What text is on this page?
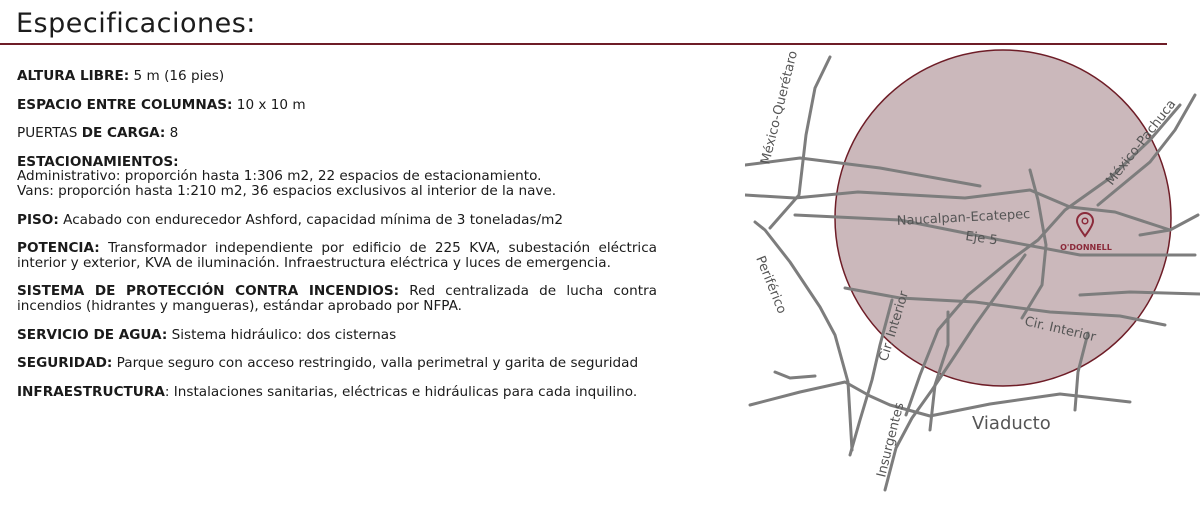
Especificaciones:
ALTURA LIBRE: 5 m (16 pies)
ESPACIO ENTRE COLUMNAS: 10 x 10 m
PUERTAS DE CARGA: 8
ESTACIONAMIENTOS:
Administrativo: proporción hasta 1:306 m2, 22 espacios de estacionamiento.
Vans: proporción hasta 1:210 m2, 36 espacios exclusivos al interior de la nave.
PISO: Acabado con endurecedor Ashford, capacidad mínima de 3 toneladas/m2
POTENCIA: Transformador independiente por edificio de 225 KVA, subestación eléctrica interior y exterior, KVA de iluminación. Infraestructura eléctrica y luces de emergencia.
SISTEMA DE PROTECCIÓN CONTRA INCENDIOS: Red centralizada de lucha contra incendios (hidrantes y mangueras), estándar aprobado por NFPA.
SERVICIO DE AGUA: Sistema hidráulico: dos cisternas
SEGURIDAD: Parque seguro con acceso restringido, valla perimetral y garita de seguridad
INFRAESTRUCTURA: Instalaciones sanitarias, eléctricas e hidráulicas para cada inquilino.
México-Querétaro	México-Pachuca
Naucalpan-Ecatepec
Eje 5
Periférico
Cir. Interior	Cir. Interior
Insurgentes	Viaducto
O'DONNELL
